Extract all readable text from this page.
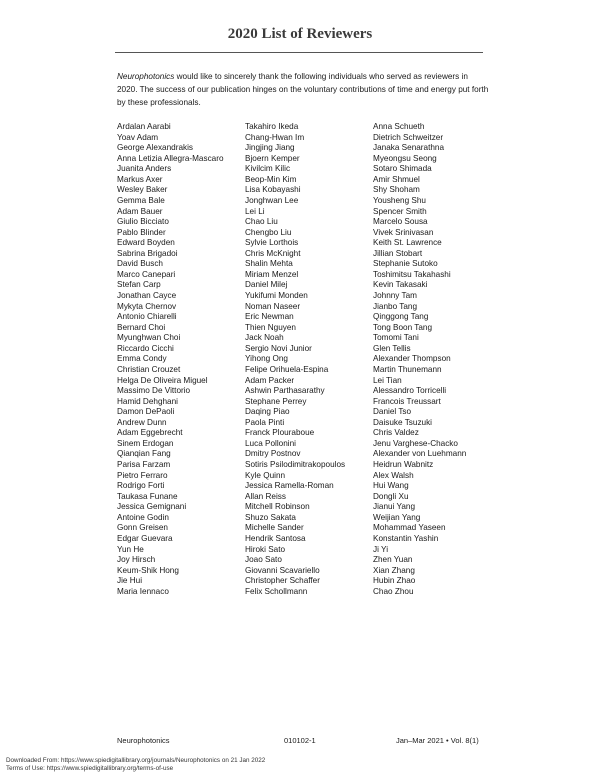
2020 List of Reviewers
Neurophotonics would like to sincerely thank the following individuals who served as reviewers in 2020. The success of our publication hinges on the voluntary contributions of time and energy put forth by these professionals.
Ardalan Aarabi
Yoav Adam
George Alexandrakis
Anna Letizia Allegra-Mascaro
Juanita Anders
Markus Axer
Wesley Baker
Gemma Bale
Adam Bauer
Giulio Bicciato
Pablo Blinder
Edward Boyden
Sabrina Brigadoi
David Busch
Marco Canepari
Stefan Carp
Jonathan Cayce
Mykyta Chernov
Antonio Chiarelli
Bernard Choi
Myunghwan Choi
Riccardo Cicchi
Emma Condy
Christian Crouzet
Helga De Oliveira Miguel
Massimo De Vittorio
Hamid Dehghani
Damon DePaoli
Andrew Dunn
Adam Eggebrecht
Sinem Erdogan
Qianqian Fang
Parisa Farzam
Pietro Ferraro
Rodrigo Forti
Taukasa Funane
Jessica Gemignani
Antoine Godin
Gonn Greisen
Edgar Guevara
Yun He
Joy Hirsch
Keum-Shik Hong
Jie Hui
Maria Iennaco
Takahiro Ikeda
Chang-Hwan Im
Jingjing Jiang
Bjoern Kemper
Kivilcim Kilic
Beop-Min Kim
Lisa Kobayashi
Jonghwan Lee
Lei Li
Chao Liu
Chengbo Liu
Sylvie Lorthois
Chris McKnight
Shalin Mehta
Miriam Menzel
Daniel Milej
Yukifumi Monden
Noman Naseer
Eric Newman
Thien Nguyen
Jack Noah
Sergio Novi Junior
Yihong Ong
Felipe Orihuela-Espina
Adam Packer
Ashwin Parthasarathy
Stephane Perrey
Daqing Piao
Paola Pinti
Franck Plouraboue
Luca Pollonini
Dmitry Postnov
Sotiris Psilodimitrakopoulos
Kyle Quinn
Jessica Ramella-Roman
Allan Reiss
Mitchell Robinson
Shuzo Sakata
Michelle Sander
Hendrik Santosa
Hiroki Sato
Joao Sato
Giovanni Scavariello
Christopher Schaffer
Felix Schollmann
Anna Schueth
Dietrich Schweitzer
Janaka Senarathna
Myeongsu Seong
Sotaro Shimada
Amir Shmuel
Shy Shoham
Yousheng Shu
Spencer Smith
Marcelo Sousa
Vivek Srinivasan
Keith St. Lawrence
Jillian Stobart
Stephanie Sutoko
Toshimitsu Takahashi
Kevin Takasaki
Johnny Tam
Jianbo Tang
Qinggong Tang
Tong Boon Tang
Tomomi Tani
Glen Tellis
Alexander Thompson
Martin Thunemann
Lei Tian
Alessandro Torricelli
Francois Treussart
Daniel Tso
Daisuke Tsuzuki
Chris Valdez
Jenu Varghese-Chacko
Alexander von Luehmann
Heidrun Wabnitz
Alex Walsh
Hui Wang
Dongli Xu
Jianui Yang
Weijian Yang
Mohammad Yaseen
Konstantin Yashin
Ji Yi
Zhen Yuan
Xian Zhang
Hubin Zhao
Chao Zhou
Neurophotonics	010102-1	Jan–Mar 2021 • Vol. 8(1)
Downloaded From: https://www.spiedigitallibrary.org/journals/Neurophotonics on 21 Jan 2022
Terms of Use: https://www.spiedigitallibrary.org/terms-of-use
